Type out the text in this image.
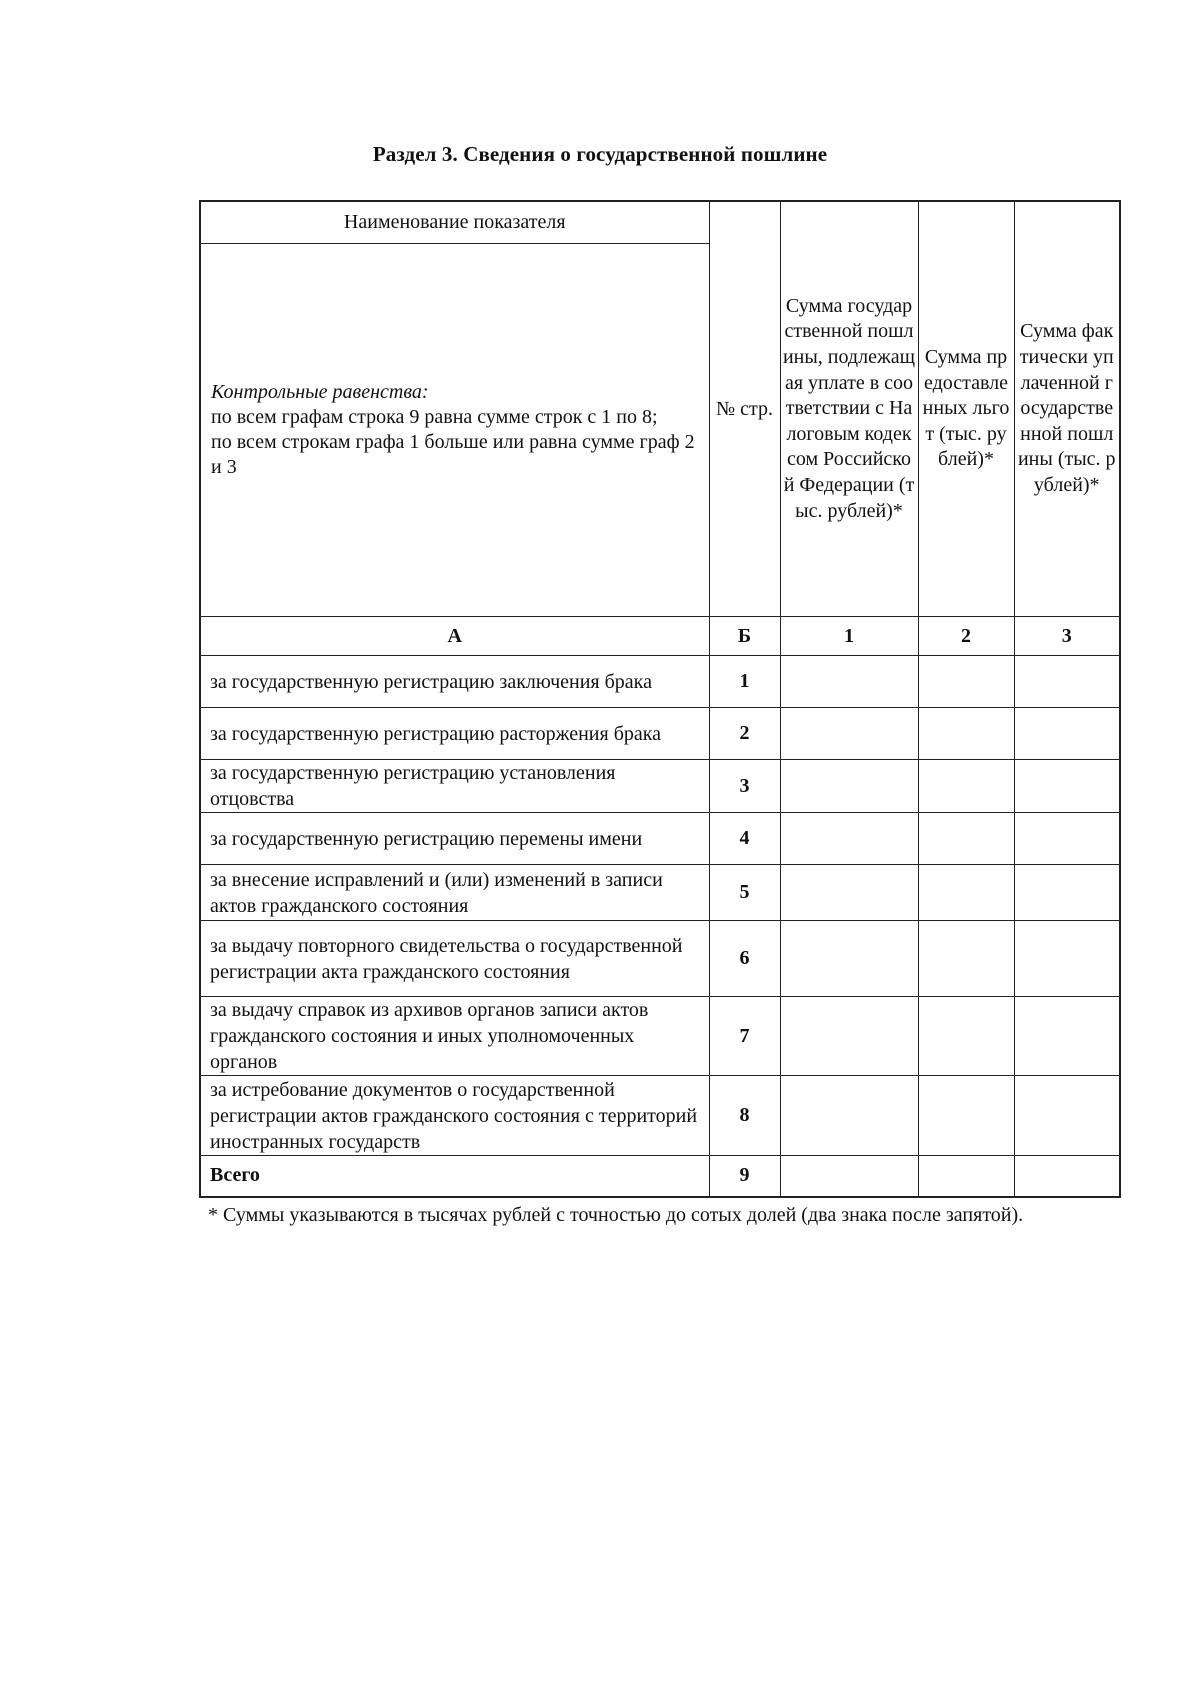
Раздел 3. Сведения о государственной пошлине
Наименование показателя	№ стр.	Сумма государственной пошлины, подлежащая уплате в соответствии с Налоговым кодексом Российской Федерации (тыс. рублей)*	Сумма предоставленных льгот (тыс. рублей)*	Сумма фактически уплаченной государственной пошлины (тыс. рублей)*

Контрольные равенства:
по всем графам строка 9 равна сумме строк с 1 по 8;
по всем строкам графа 1 больше или равна сумме граф 2 и 3				

А	Б	1	2	3
за государственную регистрацию заключения брака	1			
за государственную регистрацию расторжения брака	2			
за государственную регистрацию установления отцовства	3			
за государственную регистрацию перемены имени	4			
за внесение исправлений и (или) изменений в записи актов гражданского состояния	5			
за выдачу повторного свидетельства о государственной регистрации акта гражданского состояния	6			
за выдачу справок из архивов органов записи актов гражданского состояния и иных уполномоченных органов	7			
за истребование документов о государственной регистрации актов гражданского состояния с территорий иностранных государств	8			
Всего	9			
* Суммы указываются в тысячах рублей с точностью до сотых долей (два знака после запятой).
